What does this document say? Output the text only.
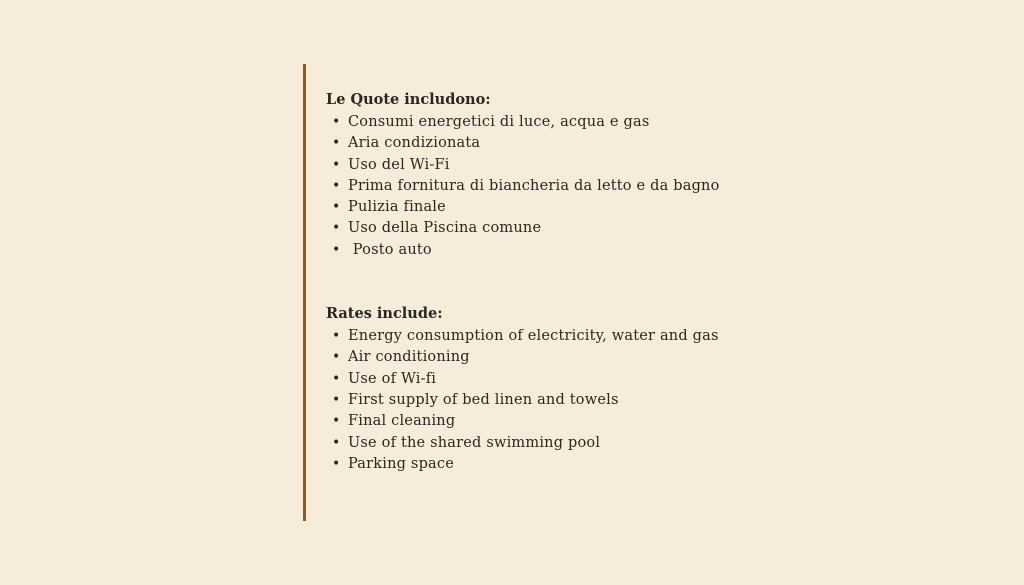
Le Quote includono:

• Consumi energetici di luce, acqua e gas
• Aria condizionata
• Uso del Wi-Fi
• Prima fornitura di biancheria da letto e da bagno
• Pulizia finale
• Uso della Piscina comune
• Posto auto

Rates include:

• Energy consumption of electricity, water and gas
• Air conditioning
• Use of Wi-fi
• First supply of bed linen and towels
• Final cleaning
• Use of the shared swimming pool
• Parking space
